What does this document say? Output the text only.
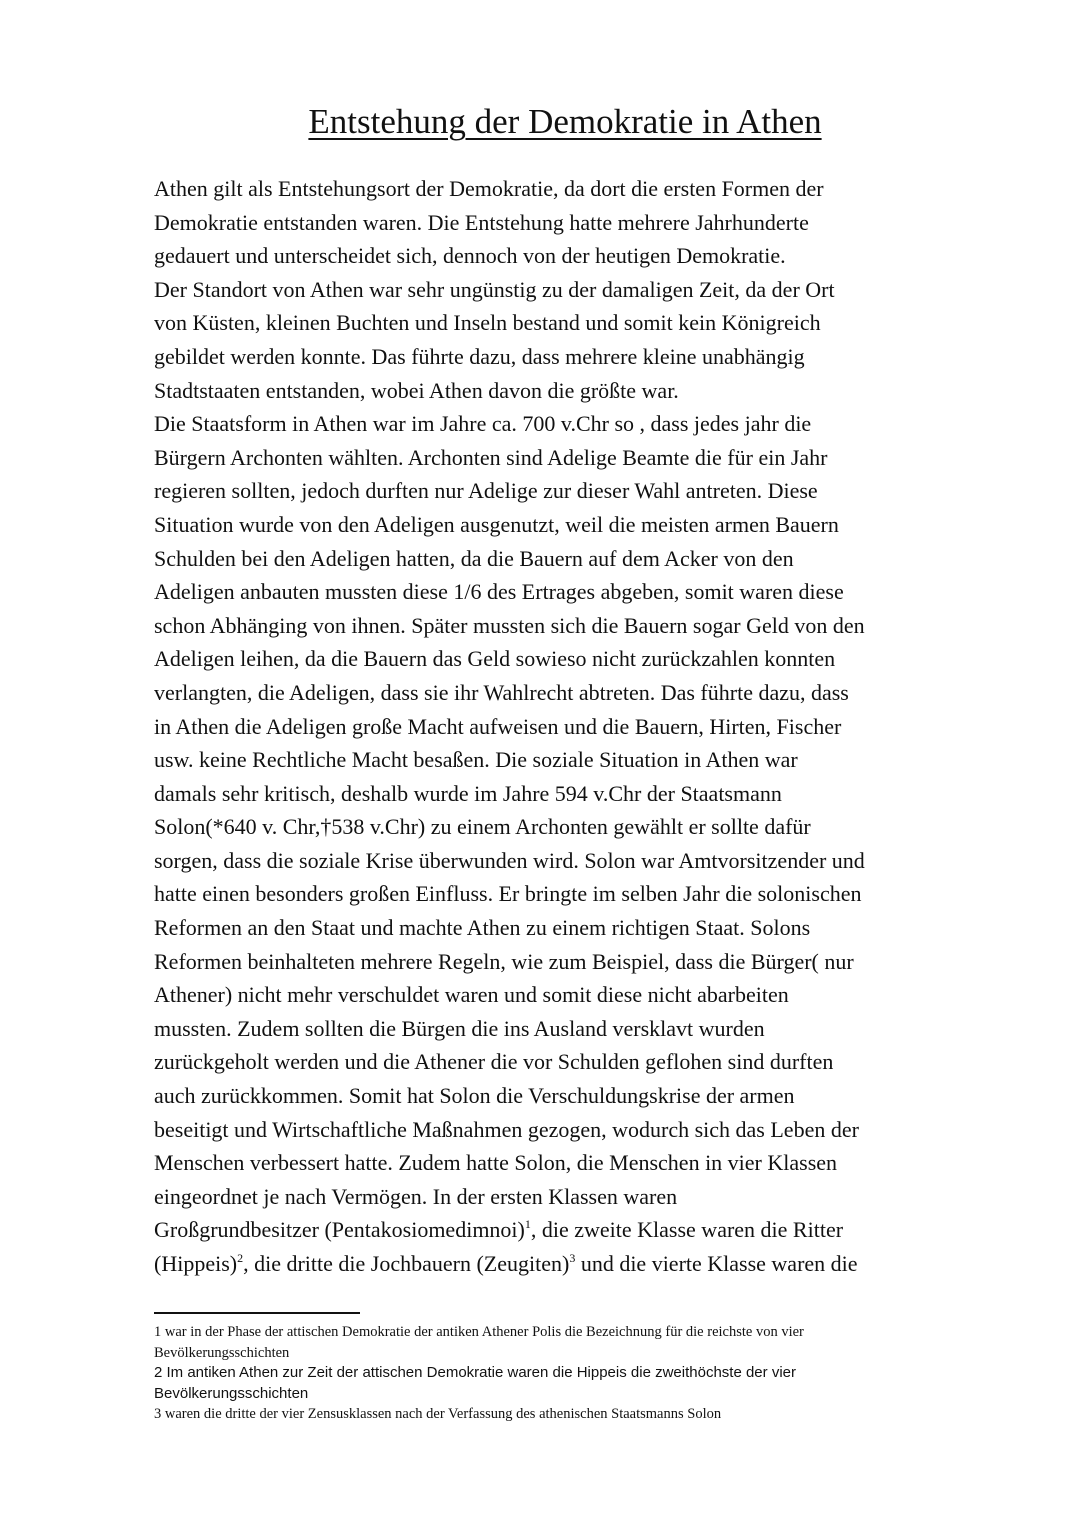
Entstehung der Demokratie in Athen
Athen gilt als Entstehungsort der Demokratie, da dort die ersten Formen der
Demokratie entstanden waren. Die Entstehung hatte mehrere Jahrhunderte
gedauert und unterscheidet sich, dennoch von der heutigen Demokratie.
Der Standort von Athen war sehr ungünstig zu der damaligen Zeit, da der Ort
von Küsten, kleinen Buchten und Inseln bestand und somit kein Königreich
gebildet werden konnte. Das führte dazu, dass mehrere kleine unabhängig
Stadtstaaten entstanden, wobei Athen davon die größte war.
Die Staatsform in Athen war im Jahre ca. 700 v.Chr so , dass jedes jahr die
Bürgern Archonten wählten. Archonten sind Adelige Beamte die für ein Jahr
regieren sollten, jedoch durften nur Adelige zur dieser Wahl antreten. Diese
Situation wurde von den Adeligen ausgenutzt, weil die meisten armen Bauern
Schulden bei den Adeligen hatten, da die Bauern auf dem Acker von den
Adeligen anbauten mussten diese 1/6 des Ertrages abgeben, somit waren diese
schon Abhänging von ihnen. Später mussten sich die Bauern sogar Geld von den
Adeligen leihen, da die Bauern das Geld sowieso nicht zurückzahlen konnten
verlangten, die Adeligen, dass sie ihr Wahlrecht abtreten. Das führte dazu, dass
in Athen die Adeligen große Macht aufweisen und die Bauern, Hirten, Fischer
usw. keine Rechtliche Macht besaßen. Die soziale Situation in Athen war
damals sehr kritisch, deshalb wurde im Jahre 594 v.Chr der Staatsmann
Solon(*640 v. Chr,†538 v.Chr) zu einem Archonten gewählt er sollte dafür
sorgen, dass die soziale Krise überwunden wird. Solon war Amtvorsitzender und
hatte einen besonders großen Einfluss. Er bringte im selben Jahr die solonischen
Reformen an den Staat und machte Athen zu einem richtigen Staat. Solons
Reformen beinhalteten mehrere Regeln, wie zum Beispiel, dass die Bürger( nur
Athener) nicht mehr verschuldet waren und somit diese nicht abarbeiten
mussten. Zudem sollten die Bürgen die ins Ausland versklavt wurden
zurückgeholt werden und die Athener die vor Schulden geflohen sind durften
auch zurückkommen. Somit hat Solon die Verschuldungskrise der armen
beseitigt und Wirtschaftliche Maßnahmen gezogen, wodurch sich das Leben der
Menschen verbessert hatte. Zudem hatte Solon, die Menschen in vier Klassen
eingeordnet je nach Vermögen. In der ersten Klassen waren
Großgrundbesitzer (Pentakosiomedimnoi)$^1$, die zweite Klasse waren die Ritter
(Hippeis)$^2$, die dritte die Jochbauern (Zeugiten)$^3$ und die vierte Klasse waren die
1 war in der Phase der attischen Demokratie der antiken Athener Polis die Bezeichnung für die reichste von vier
Bevölkerungsschichten
2 Im antiken Athen zur Zeit der attischen Demokratie waren die Hippeis die zweithöchste der vier
Bevölkerungsschichten
3 waren die dritte der vier Zensusklassen nach der Verfassung des athenischen Staatsmanns Solon
